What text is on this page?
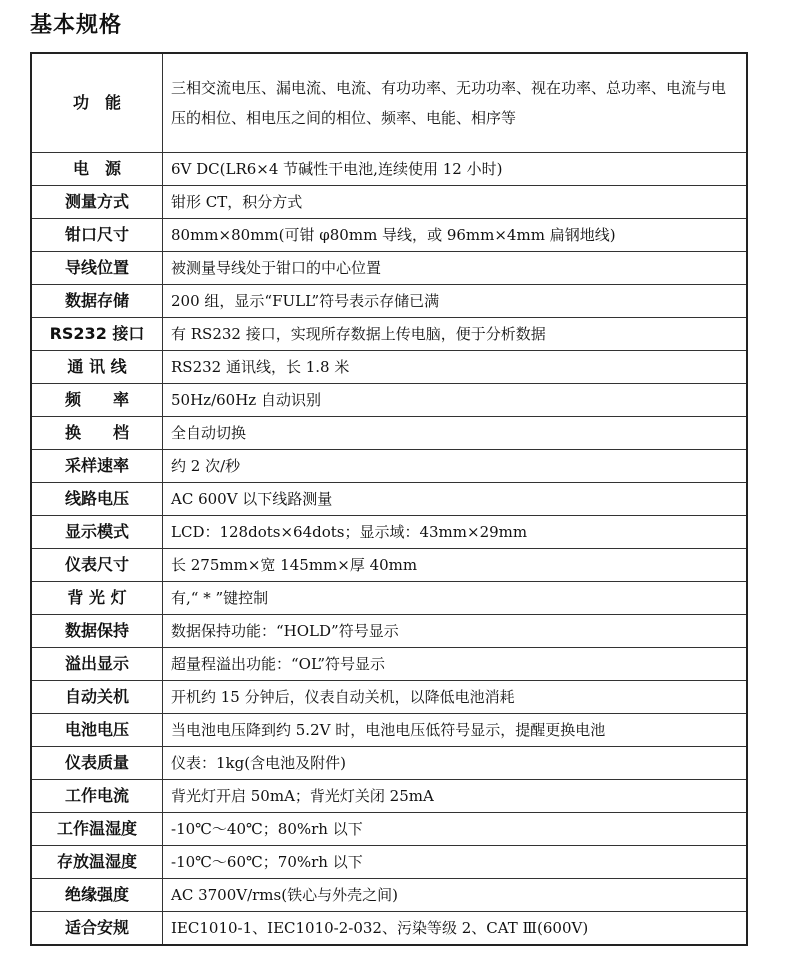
基本规格
功　能	三相交流电压、漏电流、电流、有功功率、无功功率、视在功率、总功率、电流与电压的相位、相电压之间的相位、频率、电能、相序等
电　源	6V DC(LR6×4 节碱性干电池,连续使用 12 小时)
测量方式	钳形 CT，积分方式
钳口尺寸	80mm×80mm(可钳 φ80mm 导线，或 96mm×4mm 扁钢地线)
导线位置	被测量导线处于钳口的中心位置
数据存储	200 组，显示“FULL”符号表示存储已满
RS232 接口	有 RS232 接口，实现所存数据上传电脑，便于分析数据
通 讯 线	RS232 通讯线，长 1.8 米
频　　率	50Hz/60Hz 自动识别
换　　档	全自动切换
采样速率	约 2 次/秒
线路电压	AC 600V 以下线路测量
显示模式	LCD：128dots×64dots；显示域：43mm×29mm
仪表尺寸	长 275mm×宽 145mm×厚 40mm
背 光 灯	有,“ * ”键控制
数据保持	数据保持功能：“HOLD”符号显示
溢出显示	超量程溢出功能：“OL”符号显示
自动关机	开机约 15 分钟后，仪表自动关机，以降低电池消耗
电池电压	当电池电压降到约 5.2V 时，电池电压低符号显示，提醒更换电池
仪表质量	仪表：1kg(含电池及附件)
工作电流	背光灯开启 50mA；背光灯关闭 25mA
工作温湿度	-10℃～40℃；80%rh 以下
存放温湿度	-10℃～60℃；70%rh 以下
绝缘强度	AC 3700V/rms(铁心与外壳之间)
适合安规	IEC1010-1、IEC1010-2-032、污染等级 2、CAT Ⅲ(600V)
